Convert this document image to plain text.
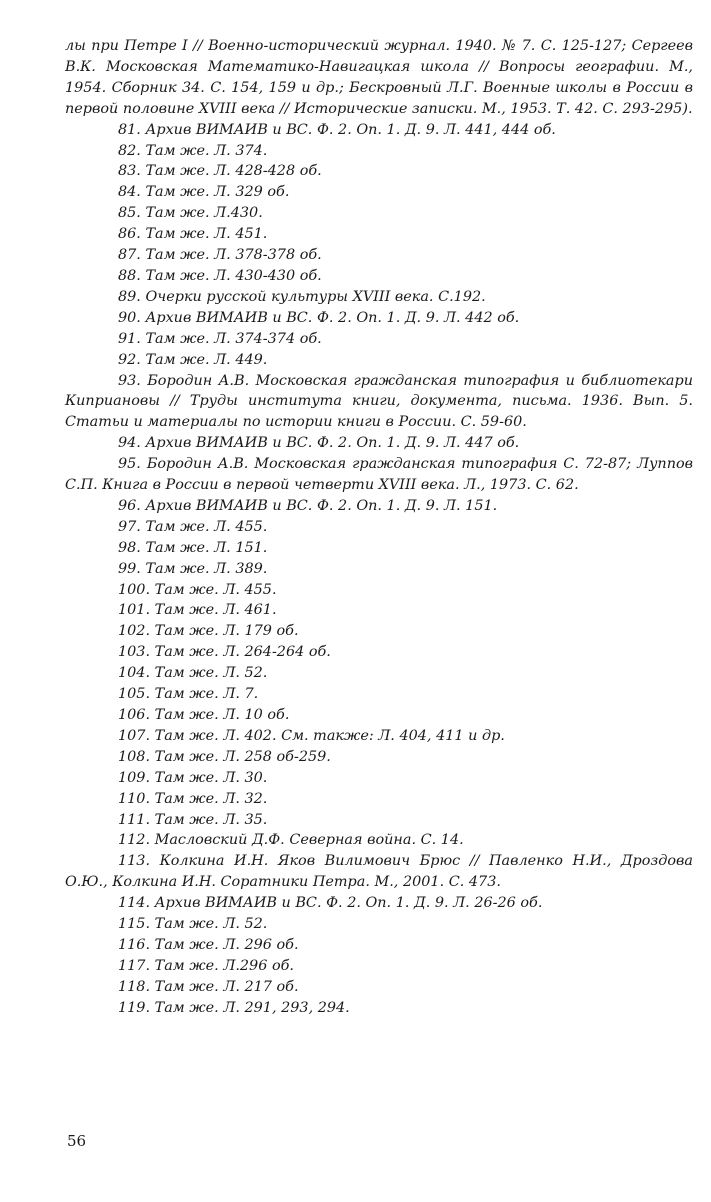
лы при Петре I // Военно-исторический журнал. 1940. № 7. С. 125-127; Сергеев В.К. Московская Математико-Навигацкая школа // Вопросы географии. М., 1954. Сборник 34. С. 154, 159 и др.; Бескровный Л.Г. Военные школы в России в первой половине XVIII века // Исторические записки. М., 1953. Т. 42. С. 293-295).
81. Архив ВИМАИВ и ВС. Ф. 2. Оп. 1. Д. 9. Л. 441, 444 об.
82. Там же. Л. 374.
83. Там же. Л. 428-428 об.
84. Там же. Л. 329 об.
85. Там же. Л.430.
86. Там же. Л. 451.
87. Там же. Л. 378-378 об.
88. Там же. Л. 430-430 об.
89. Очерки русской культуры XVIII века. С.192.
90. Архив ВИМАИВ и ВС. Ф. 2. Оп. 1. Д. 9. Л. 442 об.
91. Там же. Л. 374-374 об.
92. Там же. Л. 449.
93. Бородин А.В. Московская гражданская типография и библиотекари Киприановы // Труды института книги, документа, письма. 1936. Вып. 5. Статьи и материалы по истории книги в России. С. 59-60.
94. Архив ВИМАИВ и ВС. Ф. 2. Оп. 1. Д. 9. Л. 447 об.
95. Бородин А.В. Московская гражданская типография С. 72-87; Луппов С.П. Книга в России в первой четверти XVIII века. Л., 1973. С. 62.
96. Архив ВИМАИВ и ВС. Ф. 2. Оп. 1. Д. 9. Л. 151.
97. Там же. Л. 455.
98. Там же. Л. 151.
99. Там же. Л. 389.
100. Там же. Л. 455.
101. Там же. Л. 461.
102. Там же. Л. 179 об.
103. Там же. Л. 264-264 об.
104. Там же. Л. 52.
105. Там же. Л. 7.
106. Там же. Л. 10 об.
107. Там же. Л. 402. См. также: Л. 404, 411 и др.
108. Там же. Л. 258 об-259.
109. Там же. Л. 30.
110. Там же. Л. 32.
111. Там же. Л. 35.
112. Масловский Д.Ф. Северная война. С. 14.
113. Колкина И.Н. Яков Вилимович Брюс // Павленко Н.И., Дроздова О.Ю., Колкина И.Н. Соратники Петра. М., 2001. С. 473.
114. Архив ВИМАИВ и ВС. Ф. 2. Оп. 1. Д. 9. Л. 26-26 об.
115. Там же. Л. 52.
116. Там же. Л. 296 об.
117. Там же. Л.296 об.
118. Там же. Л. 217 об.
119. Там же. Л. 291, 293, 294.
56
